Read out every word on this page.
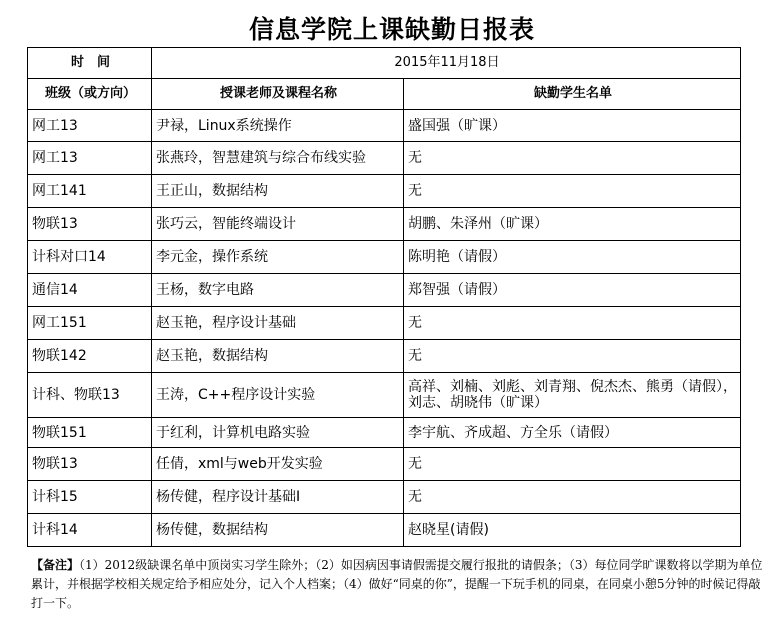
信息学院上课缺勤日报表
时　间	2015年11月18日	
班级（或方向）	授课老师及课程名称	缺勤学生名单
网工13	尹禄，Linux系统操作	盛国强（旷课）
网工13	张燕玲，智慧建筑与综合布线实验	无
网工141	王正山，数据结构	无
物联13	张巧云，智能终端设计	胡鹏、朱泽州（旷课）
计科对口14	李元金，操作系统	陈明艳（请假）
通信14	王杨，数字电路	郑智强（请假）
网工151	赵玉艳，程序设计基础	无
物联142	赵玉艳，数据结构	无
计科、物联13	王涛，C++程序设计实验	高祥、刘楠、刘彪、刘青翔、倪杰杰、熊勇（请假），刘志、胡晓伟（旷课）
物联151	于红利，计算机电路实验	李宇航、齐成超、方全乐（请假）
物联13	任倩，xml与web开发实验	无
计科15	杨传健，程序设计基础I	无
计科14	杨传健，数据结构	赵晓星(请假)
【备注】（1）2012级缺课名单中顶岗实习学生除外；（2）如因病因事请假需提交履行报批的请假条；（3）每位同学旷课数将以学期为单位累计，并根据学校相关规定给予相应处分，记入个人档案；（4）做好“同桌的你”，提醒一下玩手机的同桌，在同桌小憩5分钟的时候记得敲打一下。
